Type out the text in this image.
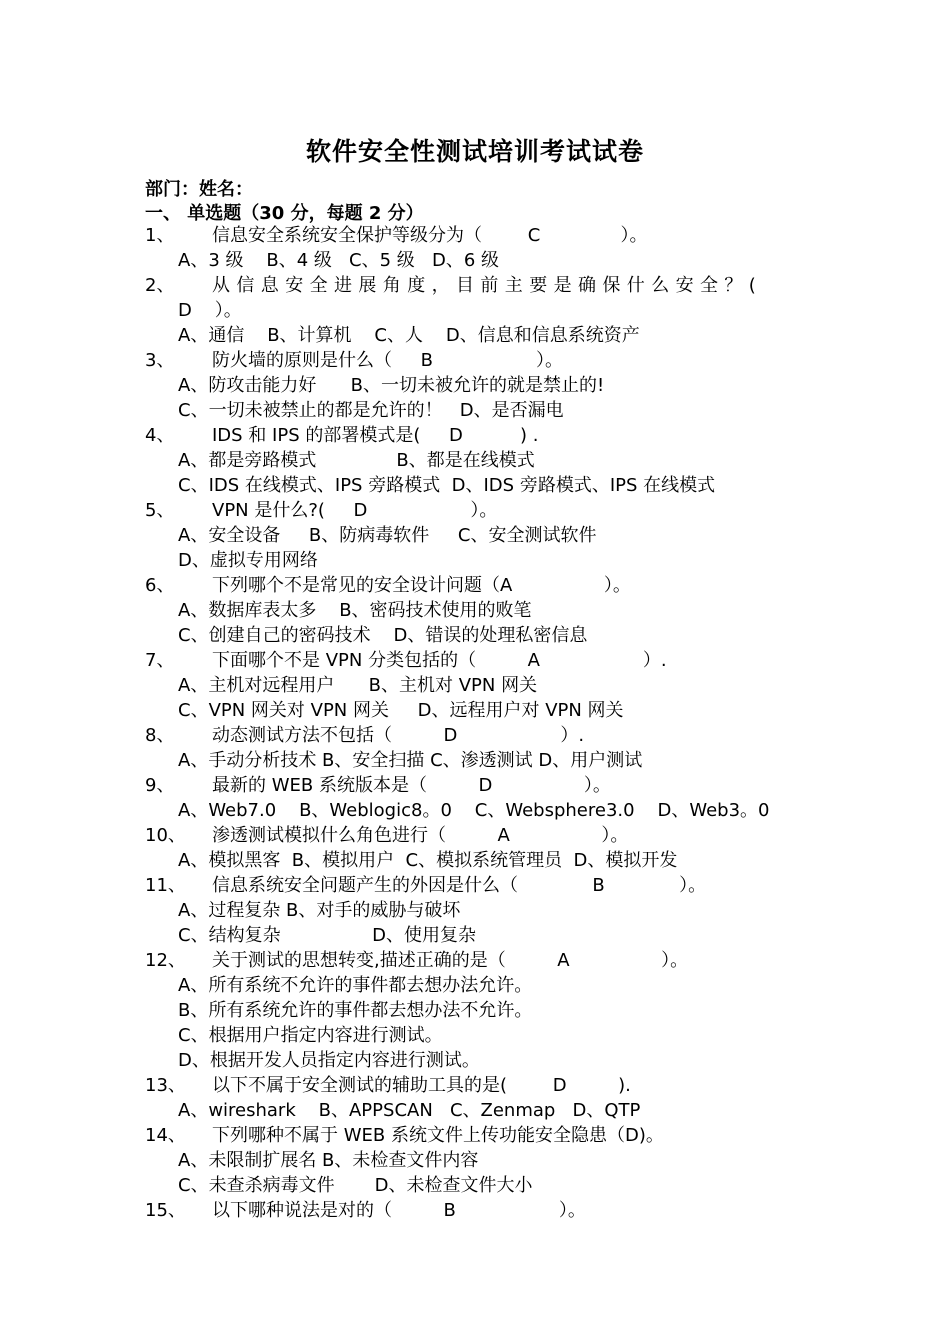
软件安全性测试培训考试试卷
部门：姓名：
一、 单选题（30 分，每题 2 分）
1、 信息安全系统安全保护等级分为（        C              ）。
A、3 级    B、4 级   C、5 级   D、6 级
2、 从信息安全进展角度，目前主要是确保什么安全？(
D    ）。
A、通信    B、计算机    C、人    D、信息和信息系统资产
3、 防火墙的原则是什么（     B                  ）。
A、防攻击能力好      B、一切未被允许的就是禁止的!
C、一切未被禁止的都是允许的！   D、是否漏电
4、 IDS 和 IPS 的部署模式是(     D          ) .
A、都是旁路模式              B、都是在线模式
C、IDS 在线模式、IPS 旁路模式  D、IDS 旁路模式、IPS 在线模式
5、 VPN 是什么?(     D                  ）。
A、安全设备     B、防病毒软件     C、安全测试软件
D、虚拟专用网络
6、 下列哪个不是常见的安全设计问题（A                ）。
A、数据库表太多    B、密码技术使用的败笔
C、创建自己的密码技术    D、错误的处理私密信息
7、 下面哪个不是 VPN 分类包括的（         A                  ）.
A、主机对远程用户      B、主机对 VPN 网关
C、VPN 网关对 VPN 网关     D、远程用户对 VPN 网关
8、 动态测试方法不包括（         D                  ）.
A、手动分析技术 B、安全扫描 C、渗透测试 D、用户测试
9、 最新的 WEB 系统版本是（         D                ）。
A、Web7.0    B、Weblogic8。0    C、Websphere3.0    D、Web3。0
10、 渗透测试模拟什么角色进行（         A                ）。
A、模拟黑客  B、模拟用户  C、模拟系统管理员  D、模拟开发
11、 信息系统安全问题产生的外因是什么（             B             ）。
A、过程复杂 B、对手的威胁与破坏
C、结构复杂                D、使用复杂
12、 关于测试的思想转变,描述正确的是（         A                ）。
A、所有系统不允许的事件都去想办法允许。
B、所有系统允许的事件都去想办法不允许。
C、根据用户指定内容进行测试。
D、根据开发人员指定内容进行测试。
13、 以下不属于安全测试的辅助工具的是(        D         ).
A、wireshark    B、APPSCAN   C、Zenmap   D、QTP
14、 下列哪种不属于 WEB 系统文件上传功能安全隐患（D)。
A、未限制扩展名 B、未检查文件内容
C、未查杀病毒文件       D、未检查文件大小
15、 以下哪种说法是对的（         B                  ）。
